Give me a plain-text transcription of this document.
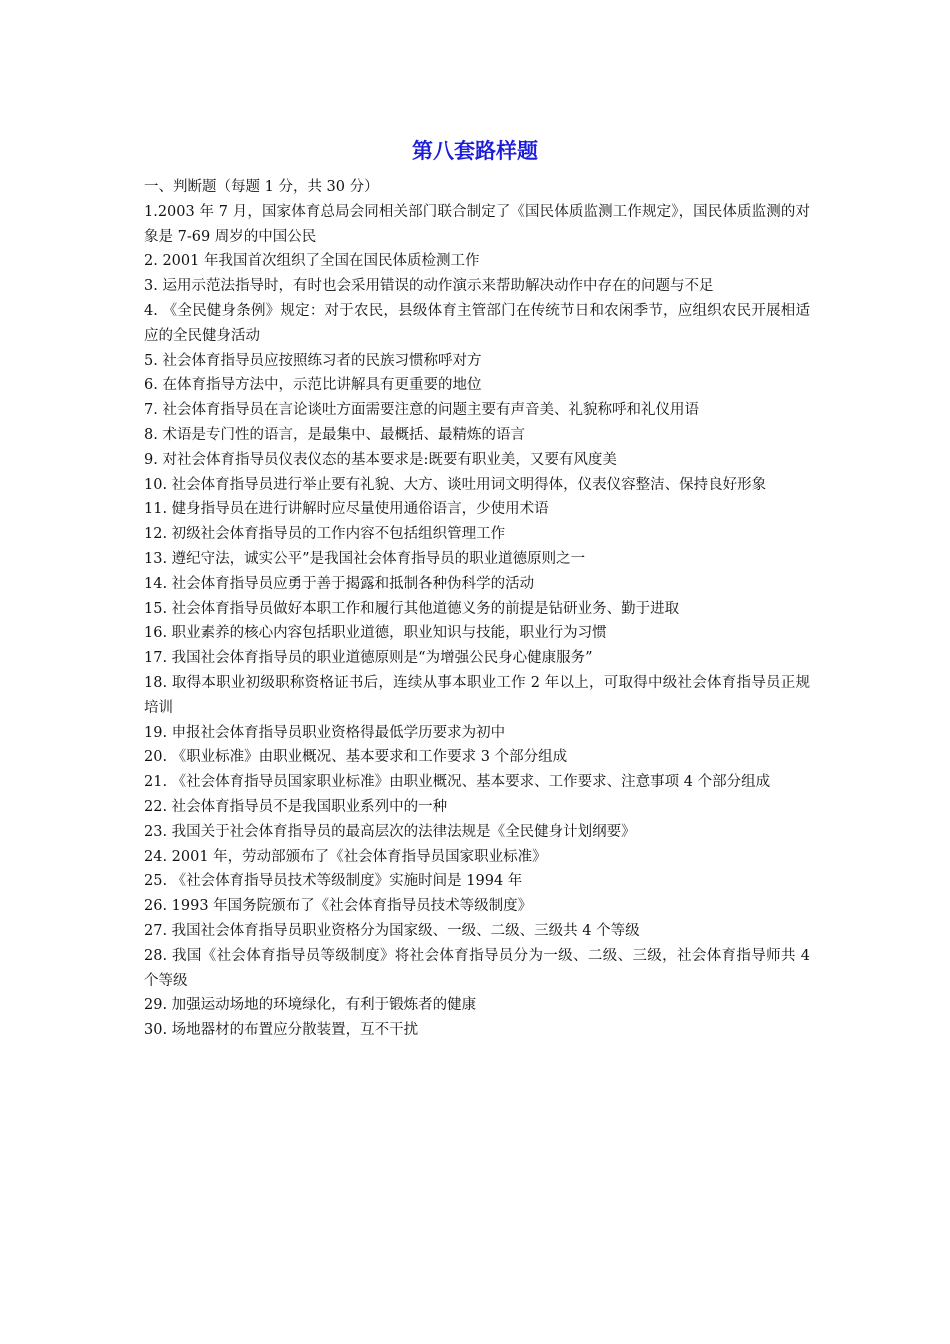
第八套路样题

一、判断题（每题 1 分，共 30 分）

1.2003 年 7 月，国家体育总局会同相关部门联合制定了《国民体质监测工作规定》，国民体质监测的对象是 7-69 周岁的中国公民
2. 2001 年我国首次组织了全国在国民体质检测工作
3. 运用示范法指导时，有时也会采用错误的动作演示来帮助解决动作中存在的问题与不足
4. 《全民健身条例》规定：对于农民，县级体育主管部门在传统节日和农闲季节，应组织农民开展相适应的全民健身活动
5. 社会体育指导员应按照练习者的民族习惯称呼对方
6. 在体育指导方法中，示范比讲解具有更重要的地位
7. 社会体育指导员在言论谈吐方面需要注意的问题主要有声音美、礼貌称呼和礼仪用语
8. 术语是专门性的语言，是最集中、最概括、最精炼的语言
9. 对社会体育指导员仪表仪态的基本要求是:既要有职业美，又要有风度美
10. 社会体育指导员进行举止要有礼貌、大方、谈吐用词文明得体，仪表仪容整洁、保持良好形象
11. 健身指导员在进行讲解时应尽量使用通俗语言，少使用术语
12. 初级社会体育指导员的工作内容不包括组织管理工作
13. 遵纪守法，诚实公平”是我国社会体育指导员的职业道德原则之一
14. 社会体育指导员应勇于善于揭露和抵制各种伪科学的活动
15. 社会体育指导员做好本职工作和履行其他道德义务的前提是钻研业务、勤于进取
16. 职业素养的核心内容包括职业道德，职业知识与技能，职业行为习惯
17. 我国社会体育指导员的职业道德原则是“为增强公民身心健康服务”
18. 取得本职业初级职称资格证书后，连续从事本职业工作 2 年以上，可取得中级社会体育指导员正规培训
19. 申报社会体育指导员职业资格得最低学历要求为初中
20. 《职业标准》由职业概况、基本要求和工作要求 3 个部分组成
21. 《社会体育指导员国家职业标准》由职业概况、基本要求、工作要求、注意事项 4 个部分组成
22. 社会体育指导员不是我国职业系列中的一种
23. 我国关于社会体育指导员的最高层次的法律法规是《全民健身计划纲要》
24. 2001 年，劳动部颁布了《社会体育指导员国家职业标准》
25. 《社会体育指导员技术等级制度》实施时间是 1994 年
26. 1993 年国务院颁布了《社会体育指导员技术等级制度》
27. 我国社会体育指导员职业资格分为国家级、一级、二级、三级共 4 个等级
28. 我国《社会体育指导员等级制度》将社会体育指导员分为一级、二级、三级，社会体育指导师共 4 个等级
29. 加强运动场地的环境绿化，有利于锻炼者的健康
30. 场地器材的布置应分散装置，互不干扰
